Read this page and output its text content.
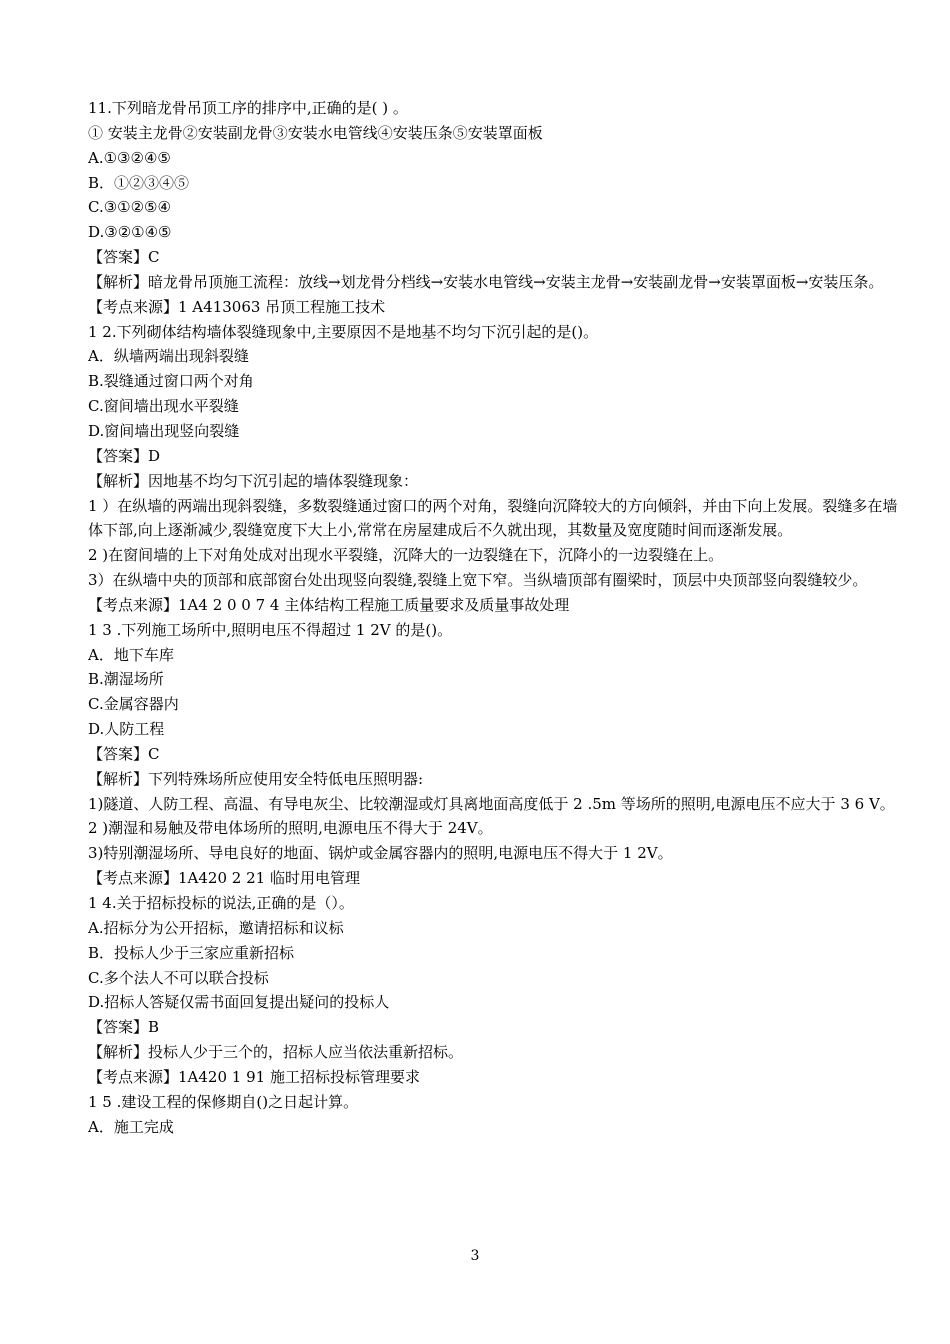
11.下列暗龙骨吊顶工序的排序中,正确的是( ) 。
① 安装主龙骨②安装副龙骨③安装水电管线④安装压条⑤安装罩面板
A.①③②④⑤
B．①②③④⑤
C.③①②⑤④
D.③②①④⑤
【答案】C
【解析】暗龙骨吊顶施工流程：放线→划龙骨分档线→安装水电管线→安装主龙骨→安装副龙骨→安装罩面板→安装压条。
【考点来源】1 A413063 吊顶工程施工技术
1 2.下列砌体结构墙体裂缝现象中,主要原因不是地基不均匀下沉引起的是()。
A．纵墙两端出现斜裂缝
B.裂缝通过窗口两个对角
C.窗间墙出现水平裂缝
D.窗间墙出现竖向裂缝
【答案】D
【解析】因地基不均匀下沉引起的墙体裂缝现象：
1 ）在纵墙的两端出现斜裂缝，多数裂缝通过窗口的两个对角，裂缝向沉降较大的方向倾斜，并由下向上发展。裂缝多在墙体下部,向上逐渐减少,裂缝宽度下大上小,常常在房屋建成后不久就出现，其数量及宽度随时间而逐渐发展。
2 )在窗间墙的上下对角处成对出现水平裂缝，沉降大的一边裂缝在下，沉降小的一边裂缝在上。
3）在纵墙中央的顶部和底部窗台处出现竖向裂缝,裂缝上宽下窄。当纵墙顶部有圈梁时，顶层中央顶部竖向裂缝较少。
【考点来源】1A4 2 0 0 7 4 主体结构工程施工质量要求及质量事故处理
1 3 .下列施工场所中,照明电压不得超过 1 2V 的是()。
A．地下车库
B.潮湿场所
C.金属容器内
D.人防工程
【答案】C
【解析】下列特殊场所应使用安全特低电压照明器:
1)隧道、人防工程、高温、有导电灰尘、比较潮湿或灯具离地面高度低于 2 .5m 等场所的照明,电源电压不应大于 3 6 V。
2 )潮湿和易触及带电体场所的照明,电源电压不得大于 24V。
3)特别潮湿场所、导电良好的地面、锅炉或金属容器内的照明,电源电压不得大于 1 2V。
【考点来源】1A420 2 21 临时用电管理
1 4.关于招标投标的说法,正确的是（）。
A.招标分为公开招标，邀请招标和议标
B．投标人少于三家应重新招标
C.多个法人不可以联合投标
D.招标人答疑仅需书面回复提出疑问的投标人
【答案】B
【解析】投标人少于三个的，招标人应当依法重新招标。
【考点来源】1A420 1 91 施工招标投标管理要求
1 5 .建设工程的保修期自()之日起计算。
A．施工完成
3
